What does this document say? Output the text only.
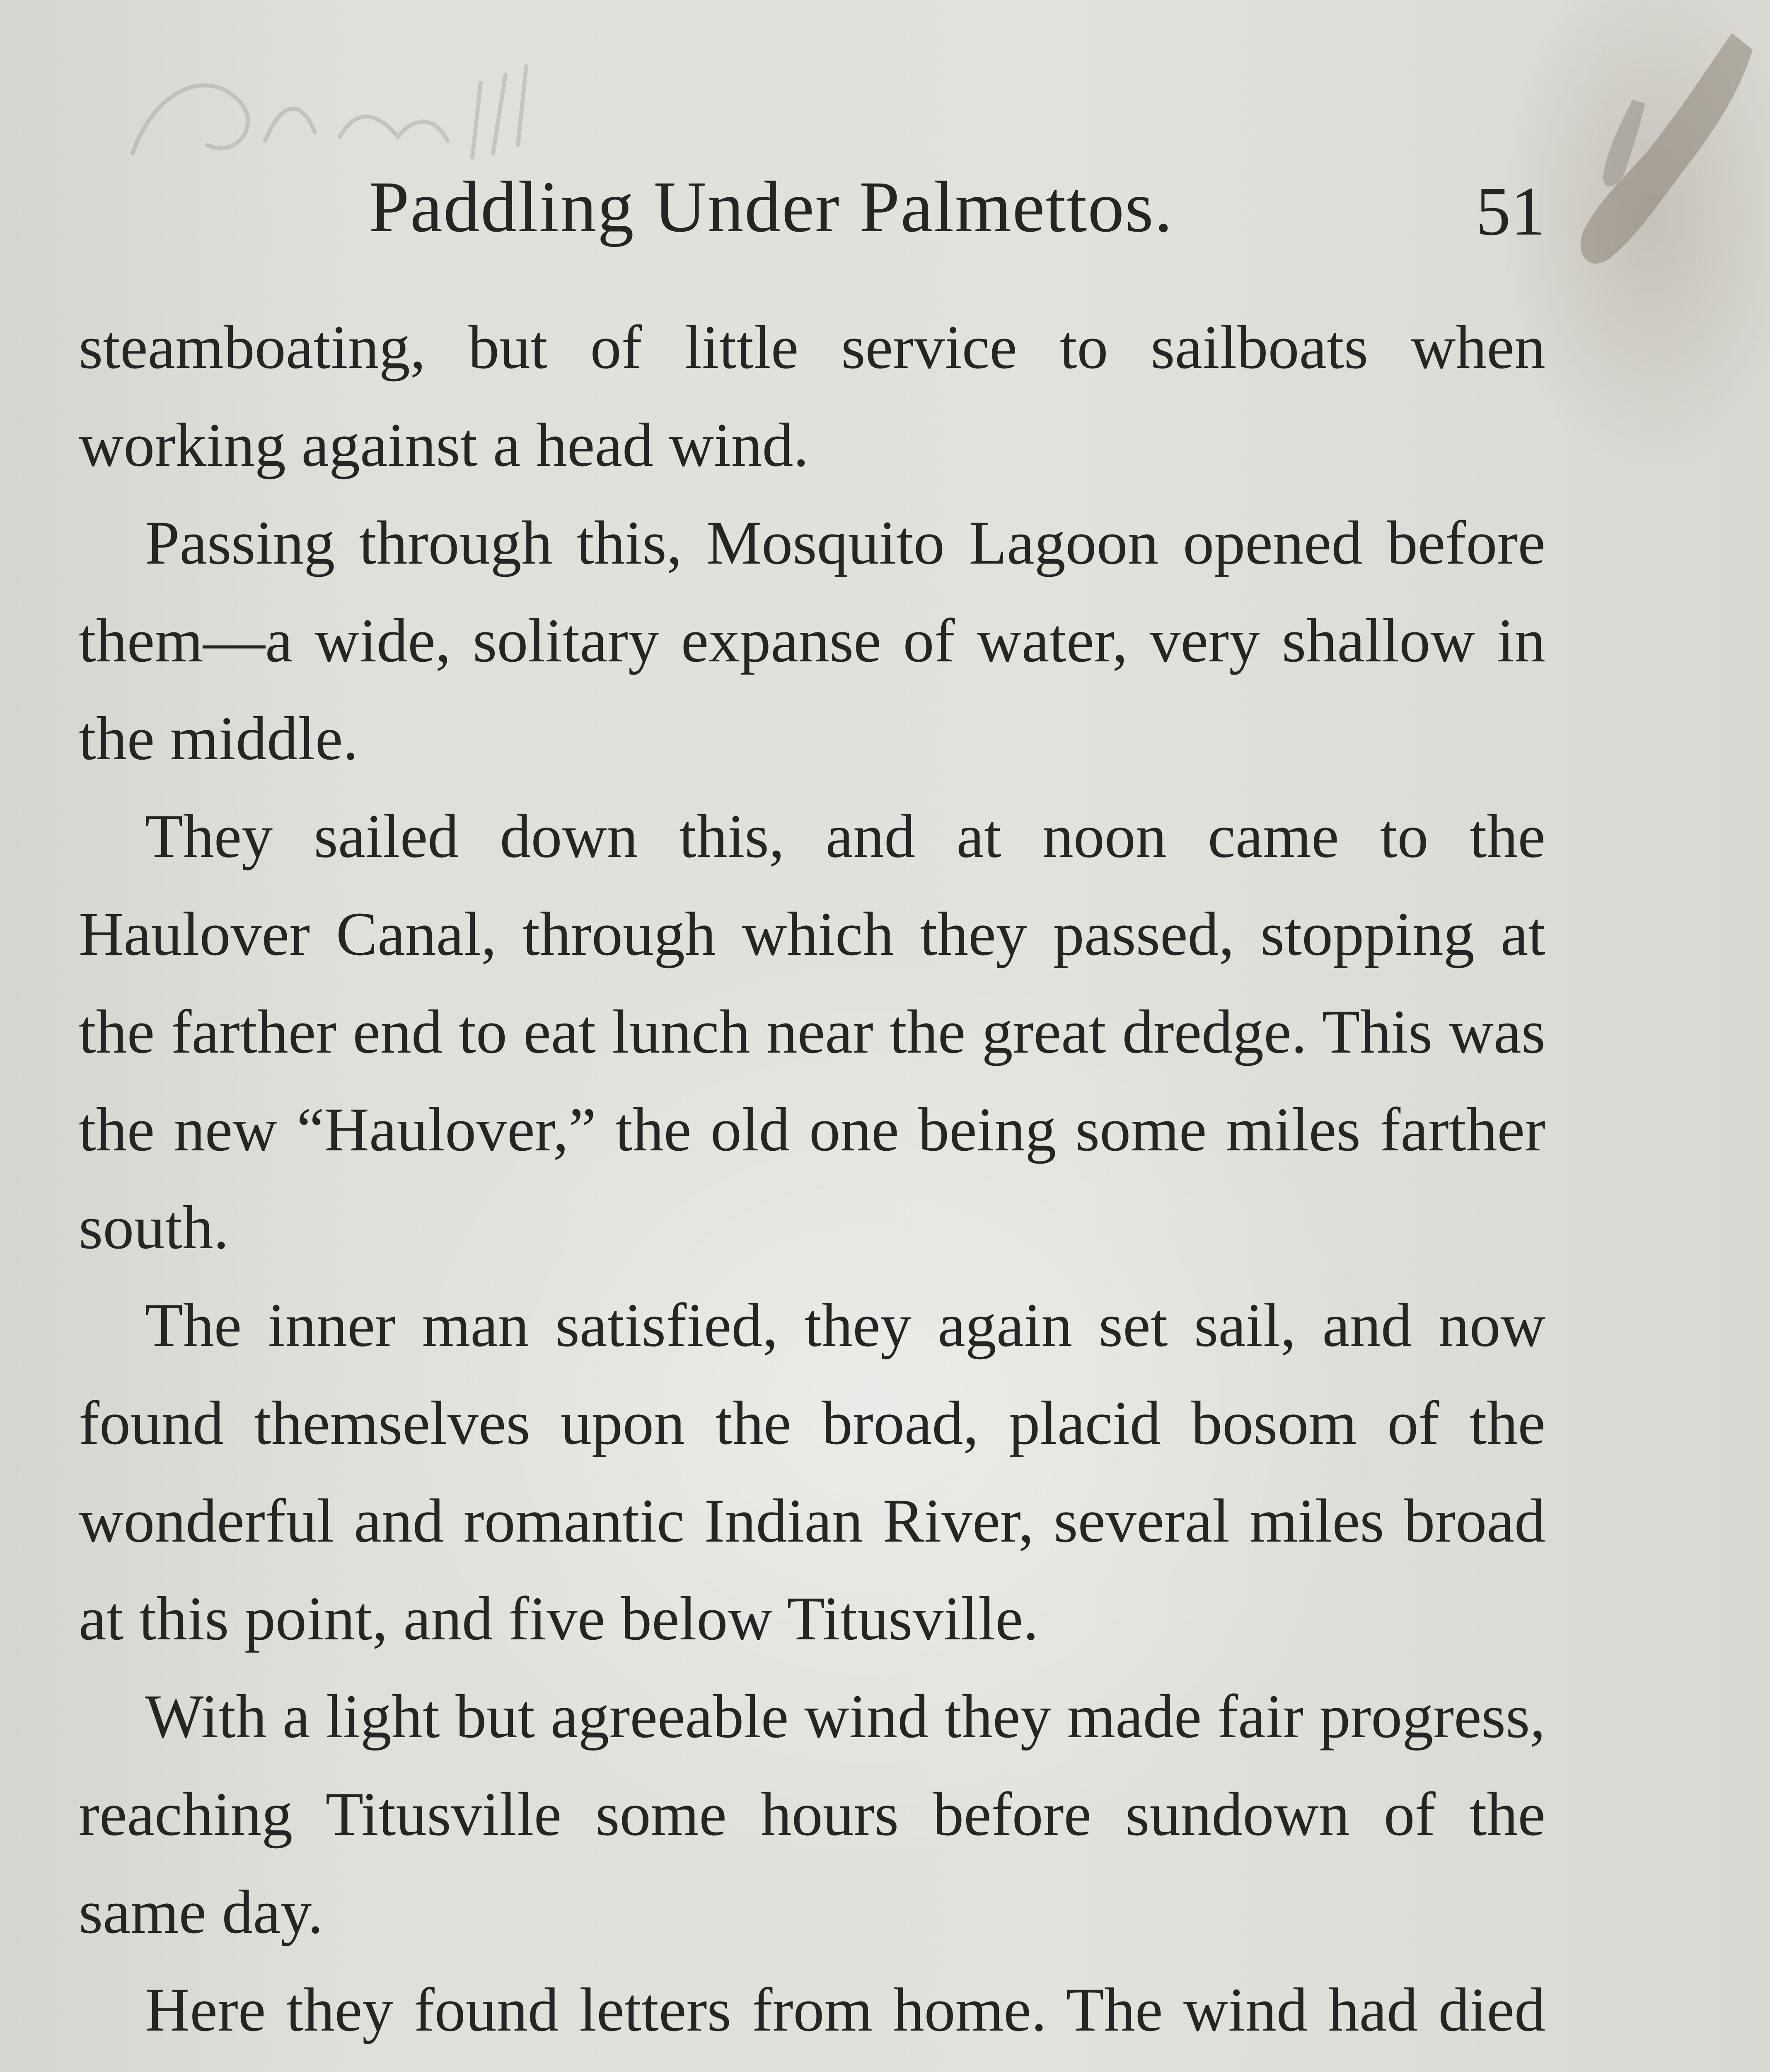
Paddling Under Palmettos.	51

steamboating, but of little service to sailboats when working against a head wind.

Passing through this, Mosquito Lagoon opened before them—a wide, solitary expanse of water, very shallow in the middle.

They sailed down this, and at noon came to the Haulover Canal, through which they passed, stopping at the farther end to eat lunch near the great dredge. This was the new “Haulover,” the old one being some miles farther south.

The inner man satisfied, they again set sail, and now found themselves upon the broad, placid bosom of the wonderful and romantic Indian River, several miles broad at this point, and five below Titusville.

With a light but agreeable wind they made fair progress, reaching Titusville some hours before sundown of the same day.

Here they found letters from home. The wind had died
